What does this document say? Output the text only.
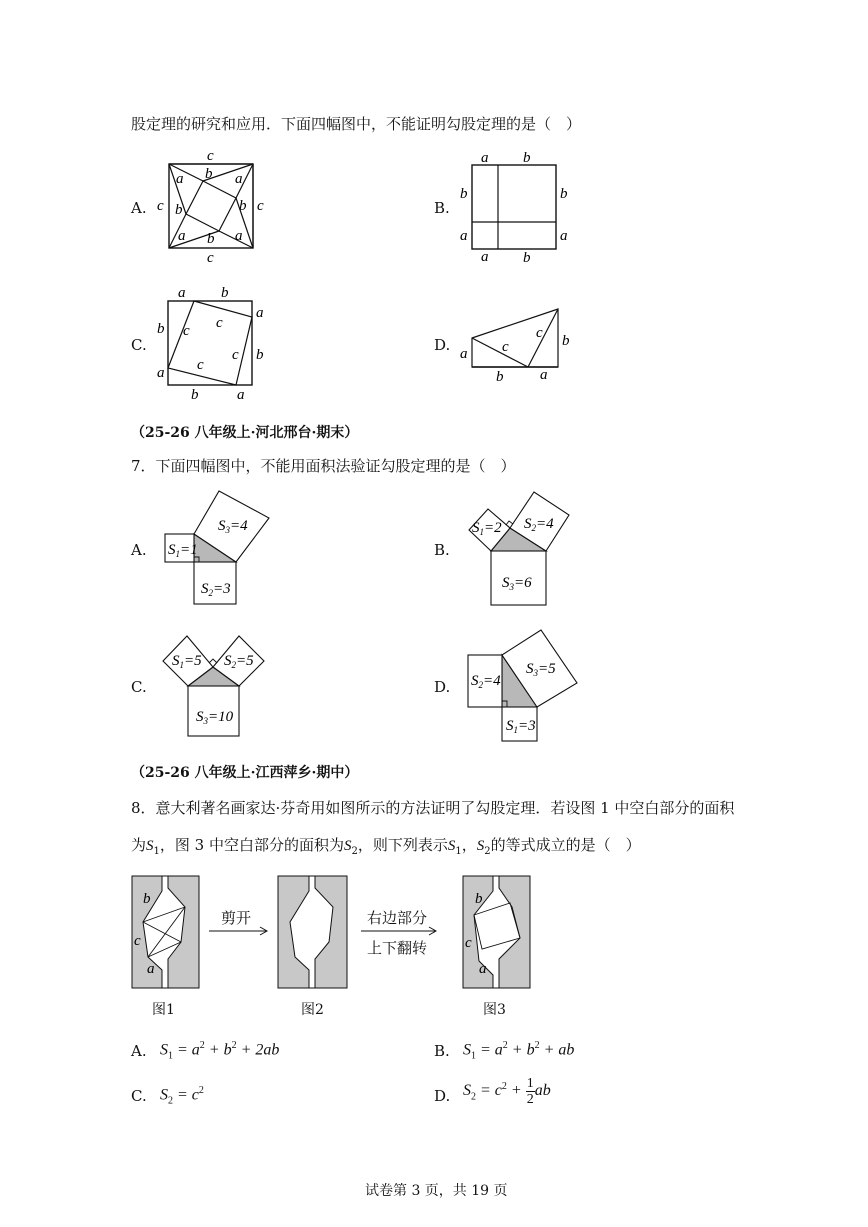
股定理的研究和应用．下面四幅图中，不能证明勾股定理的是（　）
A.
c
c
c	c
a b a
b
b
a b a
B.
a b
b	b
a	a
a b
C.
a b
a
b
b
a
b	a
c
c
c
c
D. a c
c b
b a
（25-26 八年级上·河北邢台·期末）
7．下面四幅图中，不能用面积法验证勾股定理的是（　）
A. $S_1=1$
$S_2=3$
$S_3=4$
B.
$S_1=2$ $S_2=4$
$S_3=6$
C.
$S_1=5$ $S_2=5$
$S_3=10$
D. $S_2=4$
$S_3=5$
$S_1=3$
（25-26 八年级上·江西萍乡·期中）
8．意大利著名画家达·芬奇用如图所示的方法证明了勾股定理．若设图 1 中空白部分的面积
为$S_1$，图 3 中空白部分的面积为$S_2$，则下列表示$S_1$，$S_2$的等式成立的是（　）
b
c
a
剪开	右边部分
上下翻转
b
c
a
图1	图2	图3
A. $S_1 = a^2 + b^2 + 2ab$	B. $S_1 = a^2 + b^2$ + ab
C. $S_2 = c^2$	D. $S_2 = c^2 + \frac{1}{2}$ ab
试卷第 3 页，共 19 页
